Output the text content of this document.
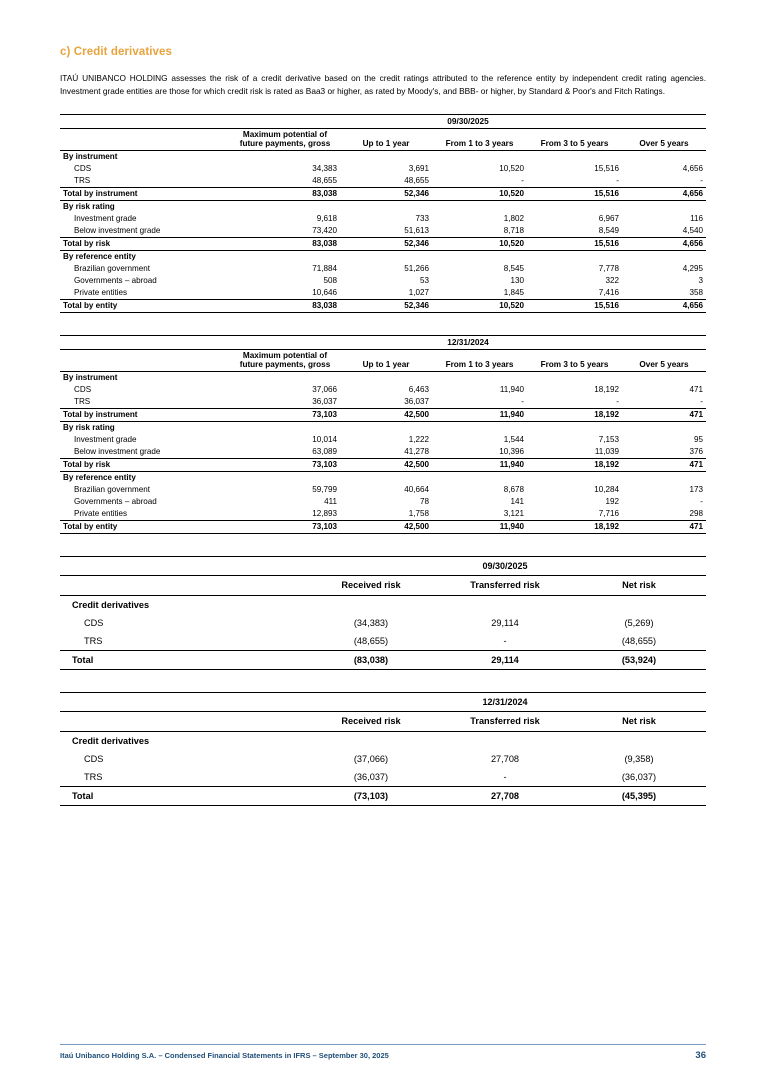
c) Credit derivatives

ITAÚ UNIBANCO HOLDING assesses the risk of a credit derivative based on the credit ratings attributed to the reference entity by independent credit rating agencies. Investment grade entities are those for which credit risk is rated as Baa3 or higher, as rated by Moody's, and BBB- or higher, by Standard & Poor's and Fitch Ratings.

	09/30/2025				
	Maximum potential of future payments, gross	Up to 1 year	From 1 to 3 years	From 3 to 5 years	Over 5 years
By instrument					
CDS	34,383	3,691	10,520	15,516	4,656
TRS	48,655	48,655	-	-	-
Total by instrument	83,038	52,346	10,520	15,516	4,656
By risk rating					
Investment grade	9,618	733	1,802	6,967	116
Below investment grade	73,420	51,613	8,718	8,549	4,540
Total by risk	83,038	52,346	10,520	15,516	4,656
By reference entity					
Brazilian government	71,884	51,266	8,545	7,778	4,295
Governments – abroad	508	53	130	322	3
Private entities	10,646	1,027	1,845	7,416	358
Total by entity	83,038	52,346	10,520	15,516	4,656
	12/31/2024				
	Maximum potential of future payments, gross	Up to 1 year	From 1 to 3 years	From 3 to 5 years	Over 5 years
By instrument					
CDS	37,066	6,463	11,940	18,192	471
TRS	36,037	36,037	-	-	-
Total by instrument	73,103	42,500	11,940	18,192	471
By risk rating					
Investment grade	10,014	1,222	1,544	7,153	95
Below investment grade	63,089	41,278	10,396	11,039	376
Total by risk	73,103	42,500	11,940	18,192	471
By reference entity					
Brazilian government	59,799	40,664	8,678	10,284	173
Governments – abroad	411	78	141	192	-
Private entities	12,893	1,758	3,121	7,716	298
Total by entity	73,103	42,500	11,940	18,192	471
	09/30/2025		
	Received risk	Transferred risk	Net risk
Credit derivatives			
CDS	(34,383)	29,114	(5,269)
TRS	(48,655)	-	(48,655)
Total	(83,038)	29,114	(53,924)
	12/31/2024		
	Received risk	Transferred risk	Net risk
Credit derivatives			
CDS	(37,066)	27,708	(9,358)
TRS	(36,037)	-	(36,037)
Total	(73,103)	27,708	(45,395)
Itaú Unibanco Holding S.A. – Condensed Financial Statements in IFRS – September 30, 2025	36
